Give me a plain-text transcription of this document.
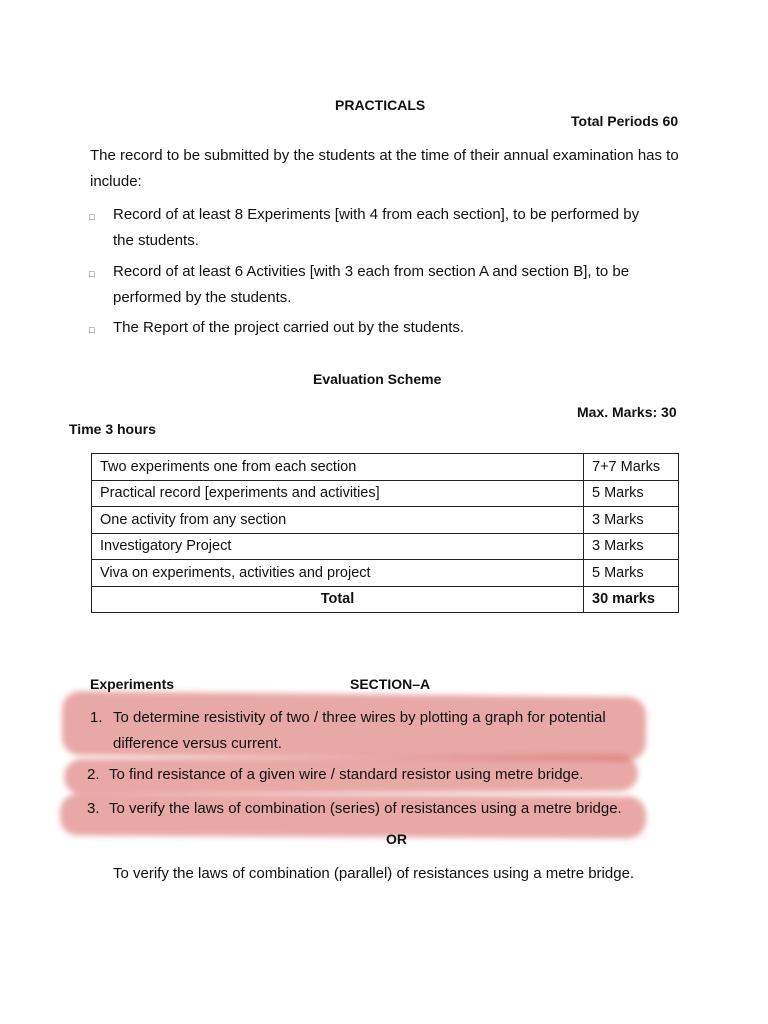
PRACTICALS
Total Periods 60
The record to be submitted by the students at the time of their annual examination has to
include:
□ Record of at least 8 Experiments [with 4 from each section], to be performed by
the students.
□ Record of at least 6 Activities [with 3 each from section A and section B], to be
performed by the students.
□ The Report of the project carried out by the students.
Evaluation Scheme
Max. Marks: 30
Time 3 hours
Two experiments one from each section	7+7 Marks
Practical record [experiments and activities]	5 Marks
One activity from any section	3 Marks
Investigatory Project	3 Marks
Viva on experiments, activities and project	5 Marks
Total	30 marks
Experiments	SECTION–A
1. To determine resistivity of two / three wires by plotting a graph for potential
difference versus current.
2. To find resistance of a given wire / standard resistor using metre bridge.
3. To verify the laws of combination (series) of resistances using a metre bridge.
OR
To verify the laws of combination (parallel) of resistances using a metre bridge.
